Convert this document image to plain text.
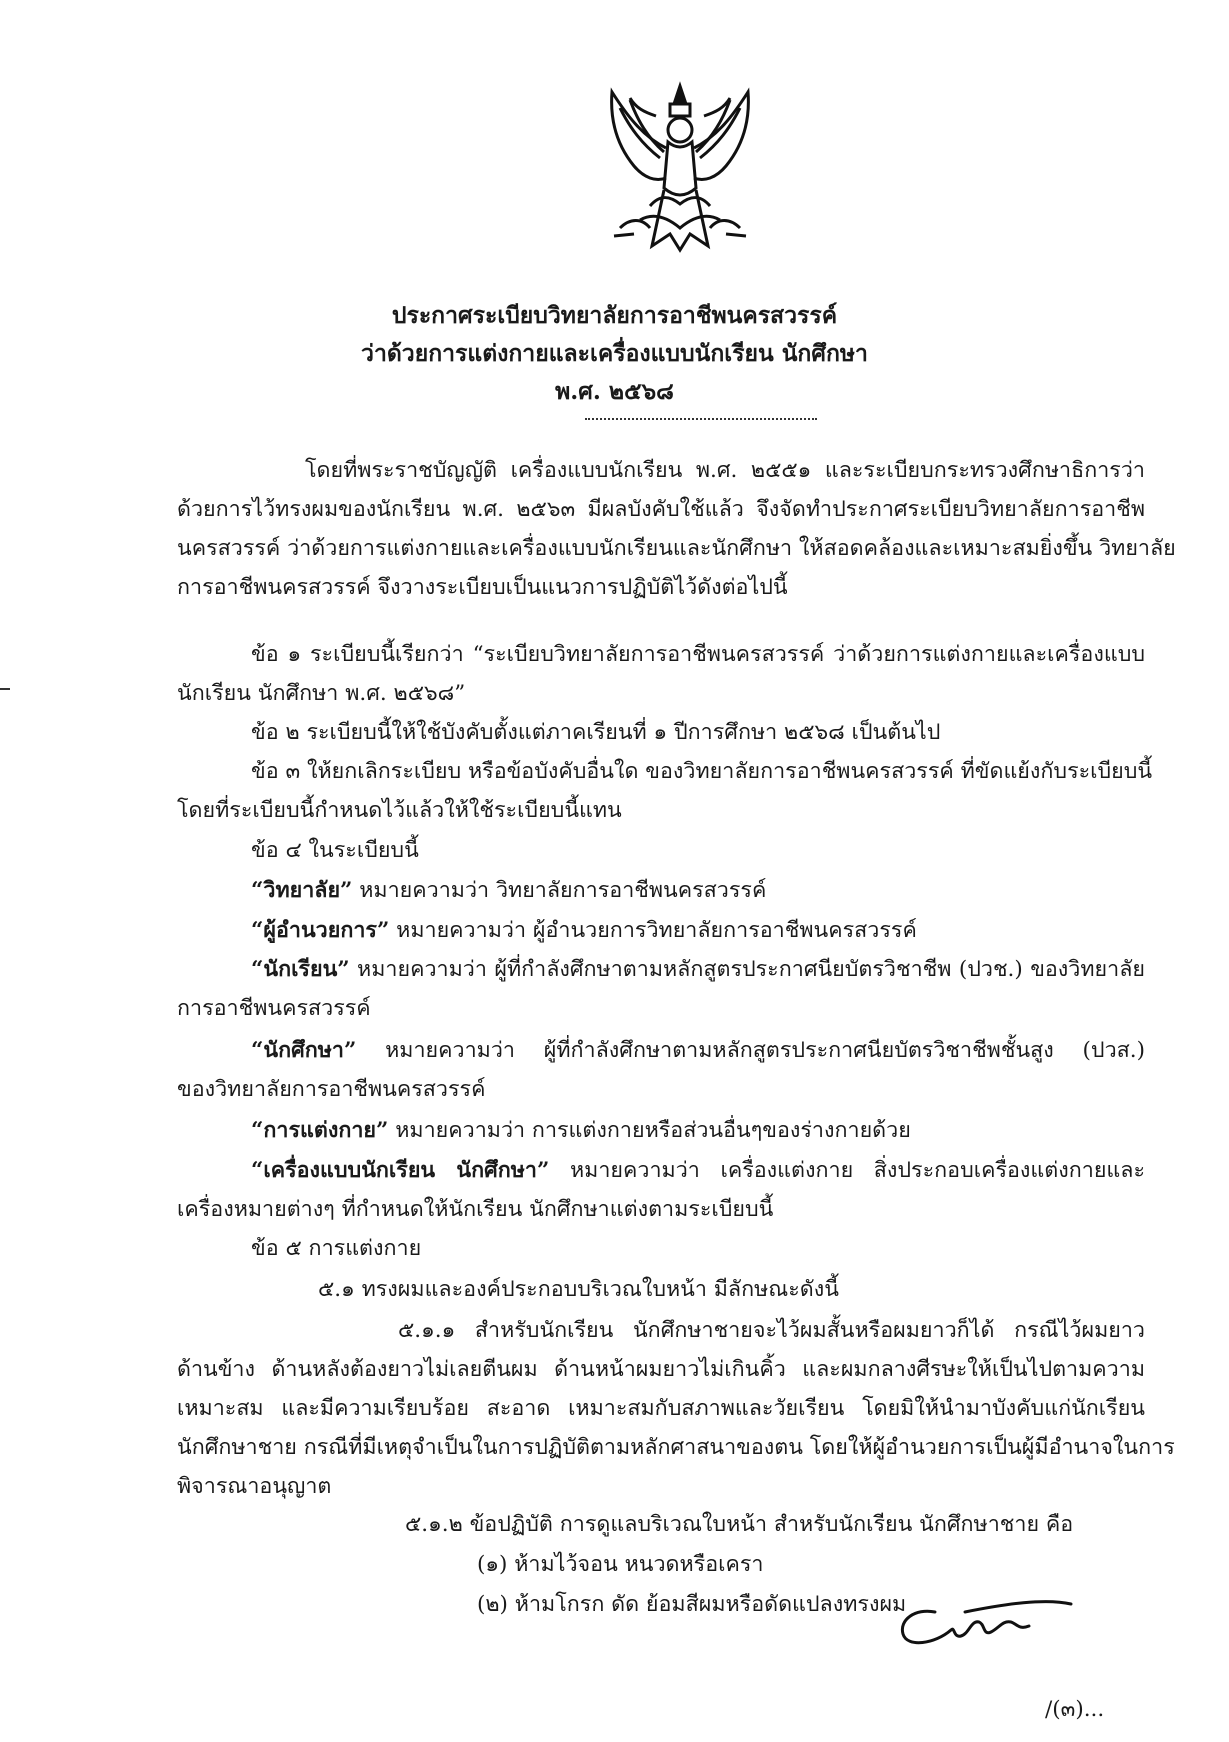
ประกาศระเบียบวิทยาลัยการอาชีพนครสวรรค์
ว่าด้วยการแต่งกายและเครื่องแบบนักเรียน นักศึกษา
พ.ศ. ๒๕๖๘
โดยที่พระราชบัญญัติ เครื่องแบบนักเรียน พ.ศ. ๒๕๕๑ และระเบียบกระทรวงศึกษาธิการว่า
ด้วยการไว้ทรงผมของนักเรียน พ.ศ. ๒๕๖๓ มีผลบังคับใช้แล้ว จึงจัดทำประกาศระเบียบวิทยาลัยการอาชีพ
นครสวรรค์ ว่าด้วยการแต่งกายและเครื่องแบบนักเรียนและนักศึกษา ให้สอดคล้องและเหมาะสมยิ่งขึ้น วิทยาลัย
การอาชีพนครสวรรค์ จึงวางระเบียบเป็นแนวการปฏิบัติไว้ดังต่อไปนี้
ข้อ ๑ ระเบียบนี้เรียกว่า “ระเบียบวิทยาลัยการอาชีพนครสวรรค์ ว่าด้วยการแต่งกายและเครื่องแบบ
นักเรียน นักศึกษา พ.ศ. ๒๕๖๘”
ข้อ ๒ ระเบียบนี้ให้ใช้บังคับตั้งแต่ภาคเรียนที่ ๑ ปีการศึกษา ๒๕๖๘ เป็นต้นไป
ข้อ ๓ ให้ยกเลิกระเบียบ หรือข้อบังคับอื่นใด ของวิทยาลัยการอาชีพนครสวรรค์ ที่ขัดแย้งกับระเบียบนี้
โดยที่ระเบียบนี้กำหนดไว้แล้วให้ใช้ระเบียบนี้แทน
ข้อ ๔ ในระเบียบนี้
“วิทยาลัย” หมายความว่า วิทยาลัยการอาชีพนครสวรรค์
“ผู้อำนวยการ” หมายความว่า ผู้อำนวยการวิทยาลัยการอาชีพนครสวรรค์
“นักเรียน” หมายความว่า ผู้ที่กำลังศึกษาตามหลักสูตรประกาศนียบัตรวิชาชีพ (ปวช.) ของวิทยาลัย
การอาชีพนครสวรรค์
“นักศึกษา” หมายความว่า ผู้ที่กำลังศึกษาตามหลักสูตรประกาศนียบัตรวิชาชีพชั้นสูง (ปวส.)
ของวิทยาลัยการอาชีพนครสวรรค์
“การแต่งกาย” หมายความว่า การแต่งกายหรือส่วนอื่นๆของร่างกายด้วย
“เครื่องแบบนักเรียน นักศึกษา” หมายความว่า เครื่องแต่งกาย สิ่งประกอบเครื่องแต่งกายและ
เครื่องหมายต่างๆ ที่กำหนดให้นักเรียน นักศึกษาแต่งตามระเบียบนี้
ข้อ ๕ การแต่งกาย
๕.๑ ทรงผมและองค์ประกอบบริเวณใบหน้า มีลักษณะดังนี้
๕.๑.๑ สำหรับนักเรียน นักศึกษาชายจะไว้ผมสั้นหรือผมยาวก็ได้ กรณีไว้ผมยาว
ด้านข้าง ด้านหลังต้องยาวไม่เลยตีนผม ด้านหน้าผมยาวไม่เกินคิ้ว และผมกลางศีรษะให้เป็นไปตามความ
เหมาะสม และมีความเรียบร้อย สะอาด เหมาะสมกับสภาพและวัยเรียน โดยมิให้นำมาบังคับแก่นักเรียน
นักศึกษาชาย กรณีที่มีเหตุจำเป็นในการปฏิบัติตามหลักศาสนาของตน โดยให้ผู้อำนวยการเป็นผู้มีอำนาจในการ
พิจารณาอนุญาต
๕.๑.๒ ข้อปฏิบัติ การดูแลบริเวณใบหน้า สำหรับนักเรียน นักศึกษาชาย คือ
(๑) ห้ามไว้จอน หนวดหรือเครา
(๒) ห้ามโกรก ดัด ย้อมสีผมหรือดัดแปลงทรงผม
/(๓)...
